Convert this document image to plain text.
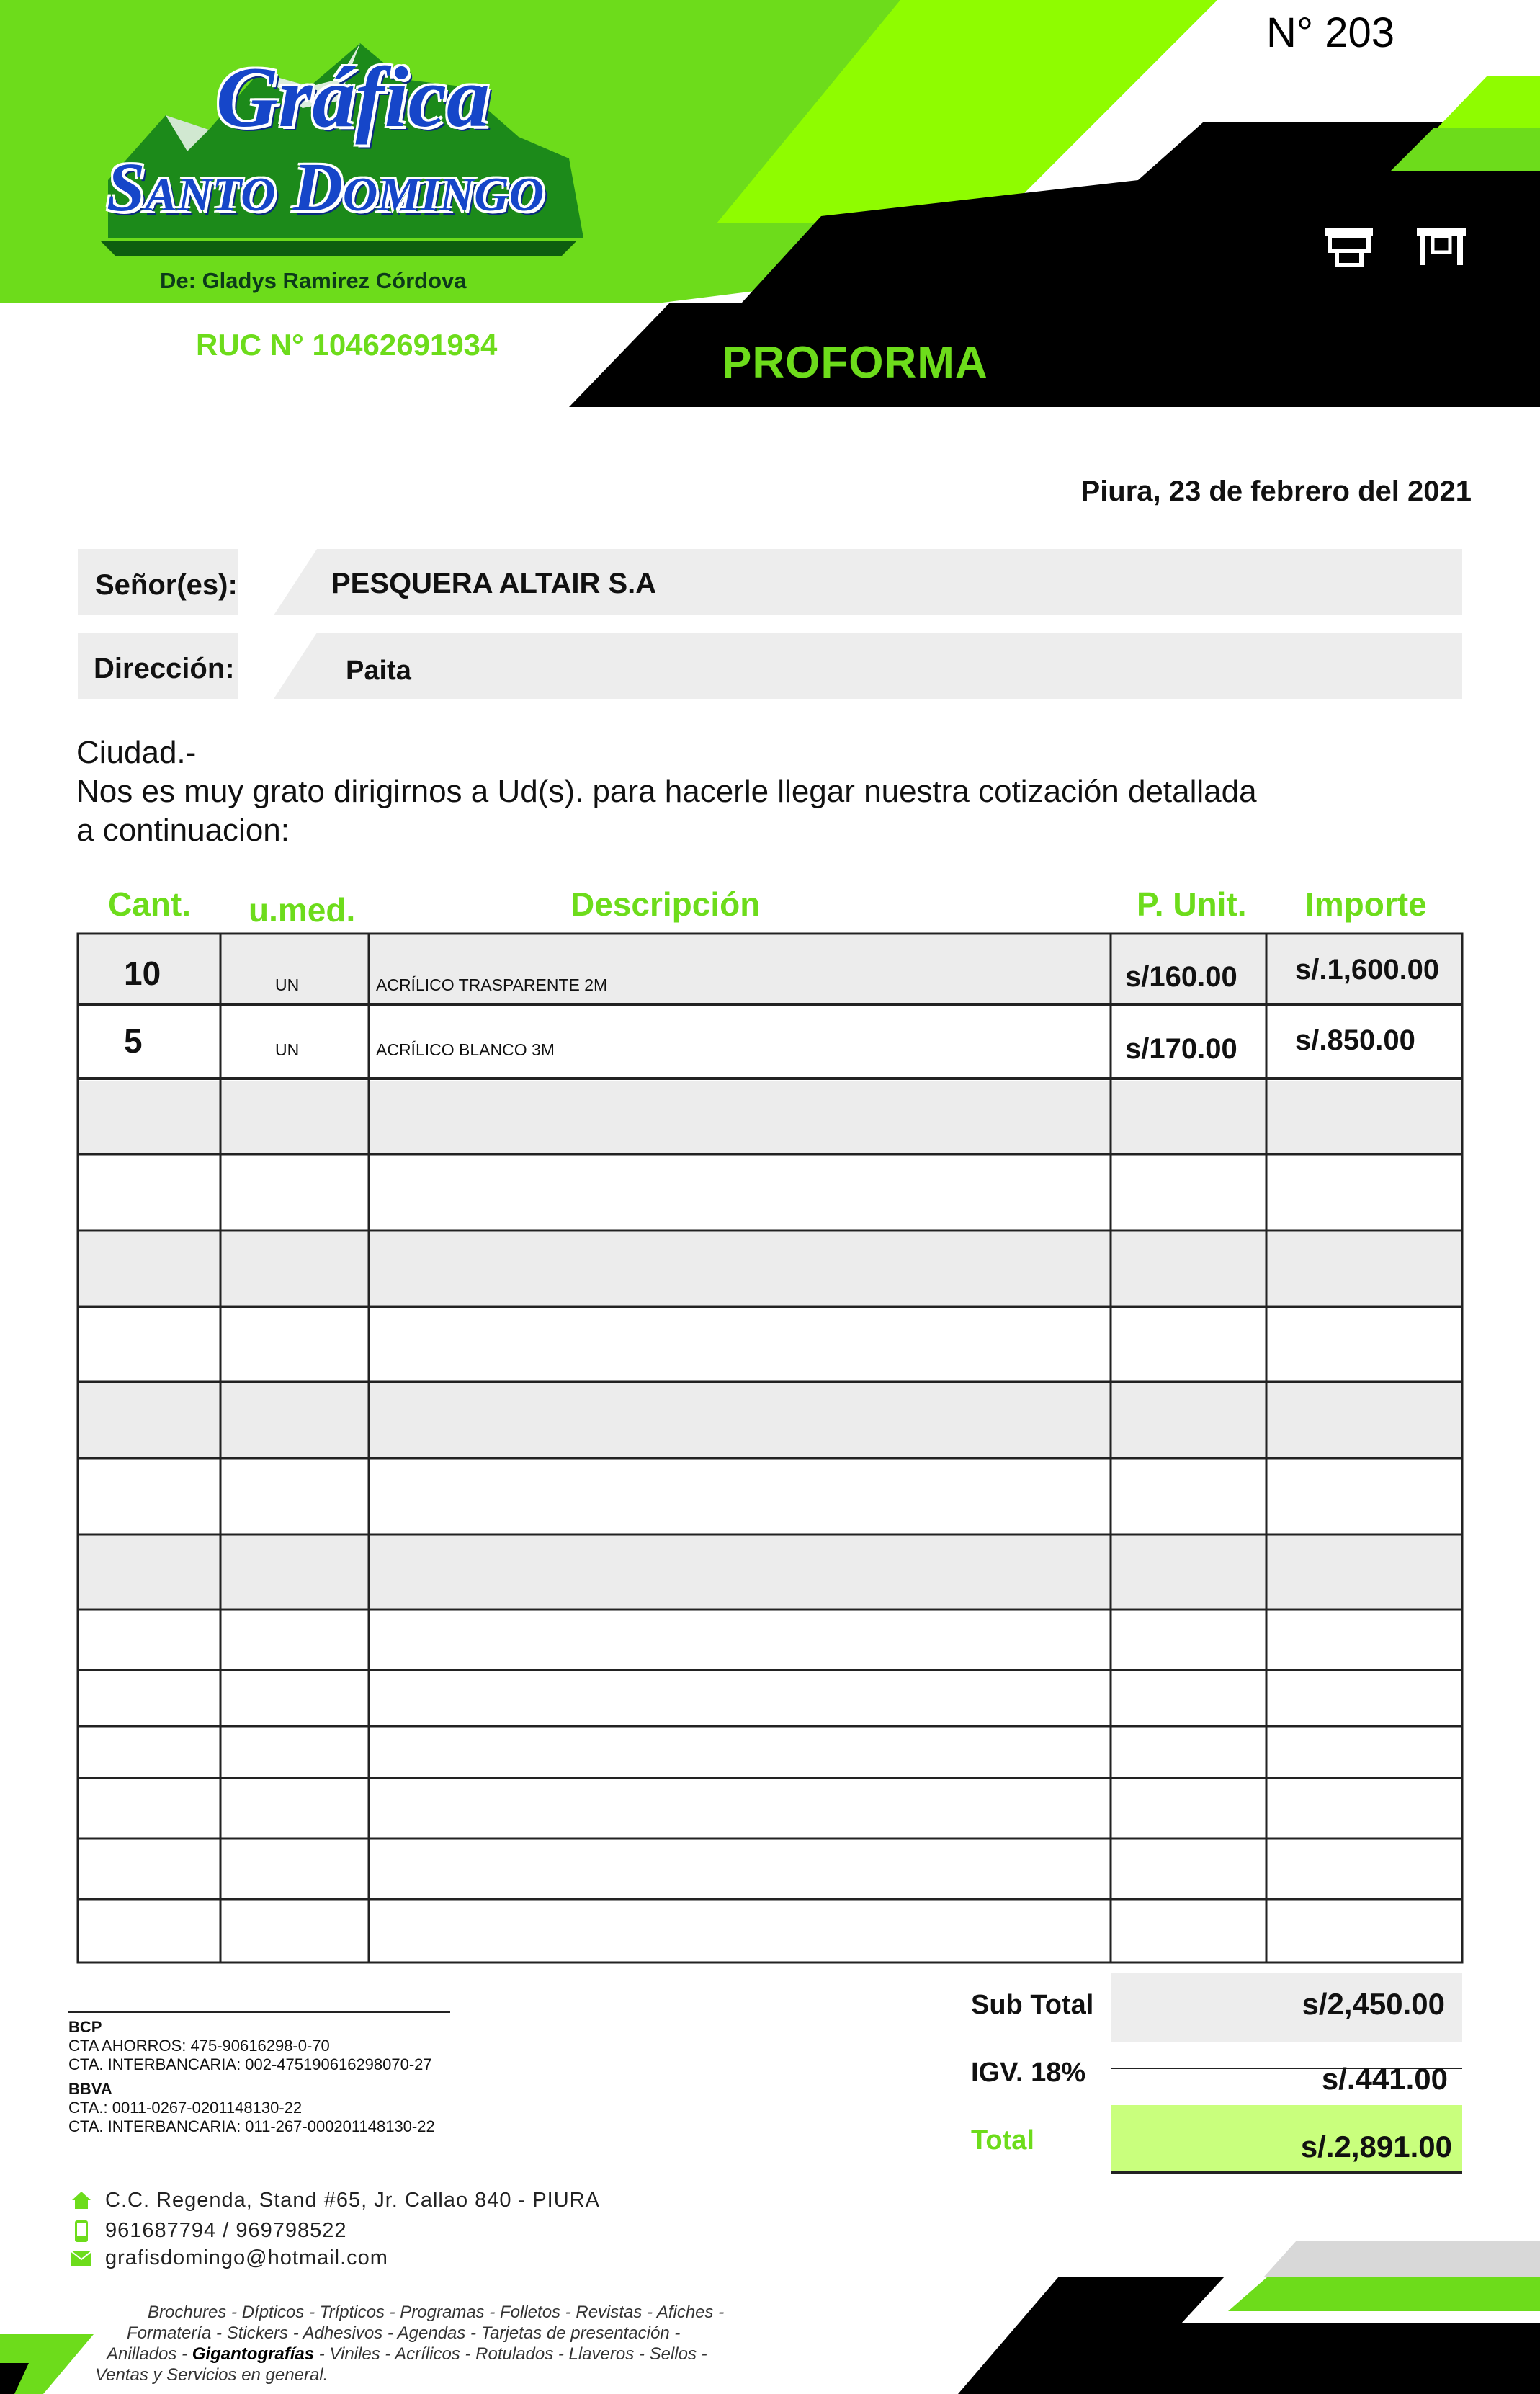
Gráfica
Santo Domingo
De: Gladys Ramirez Córdova
RUC N° 10462691934
N° 203
PROFORMA
Piura, 23 de febrero del 2021
Señor(es):	PESQUERA ALTAIR S.A
Dirección:	Paita
Ciudad.-
Nos es muy grato dirigirnos a Ud(s). para hacerle llegar nuestra cotización detallada
a continuacion:
Cant. u.med.	Descripción	P. Unit. Importe
10	UN	ACRÍLICO TRASPARENTE 2M	s/160.00 s/.1,600.00
5	UN	ACRÍLICO BLANCO 3M	s/170.00 s/.850.00
BCP
CTA AHORROS: 475-90616298-0-70
CTA. INTERBANCARIA: 002-475190616298070-27
BBVA
CTA.: 0011-0267-0201148130-22
CTA. INTERBANCARIA: 011-267-000201148130-22
Sub Total	s/2,450.00
IGV. 18%	s/.441.00
Total	s/.2,891.00
C.C. Regenda, Stand #65, Jr. Callao 840 - PIURA
961687794 / 969798522
grafisdomingo@hotmail.com
Brochures - Dípticos - Trípticos - Programas - Folletos - Revistas - Afiches -
Formatería - Stickers - Adhesivos - Agendas - Tarjetas de presentación -
Anillados - Gigantografías - Viniles - Acrílicos - Rotulados - Llaveros - Sellos -
Ventas y Servicios en general.
